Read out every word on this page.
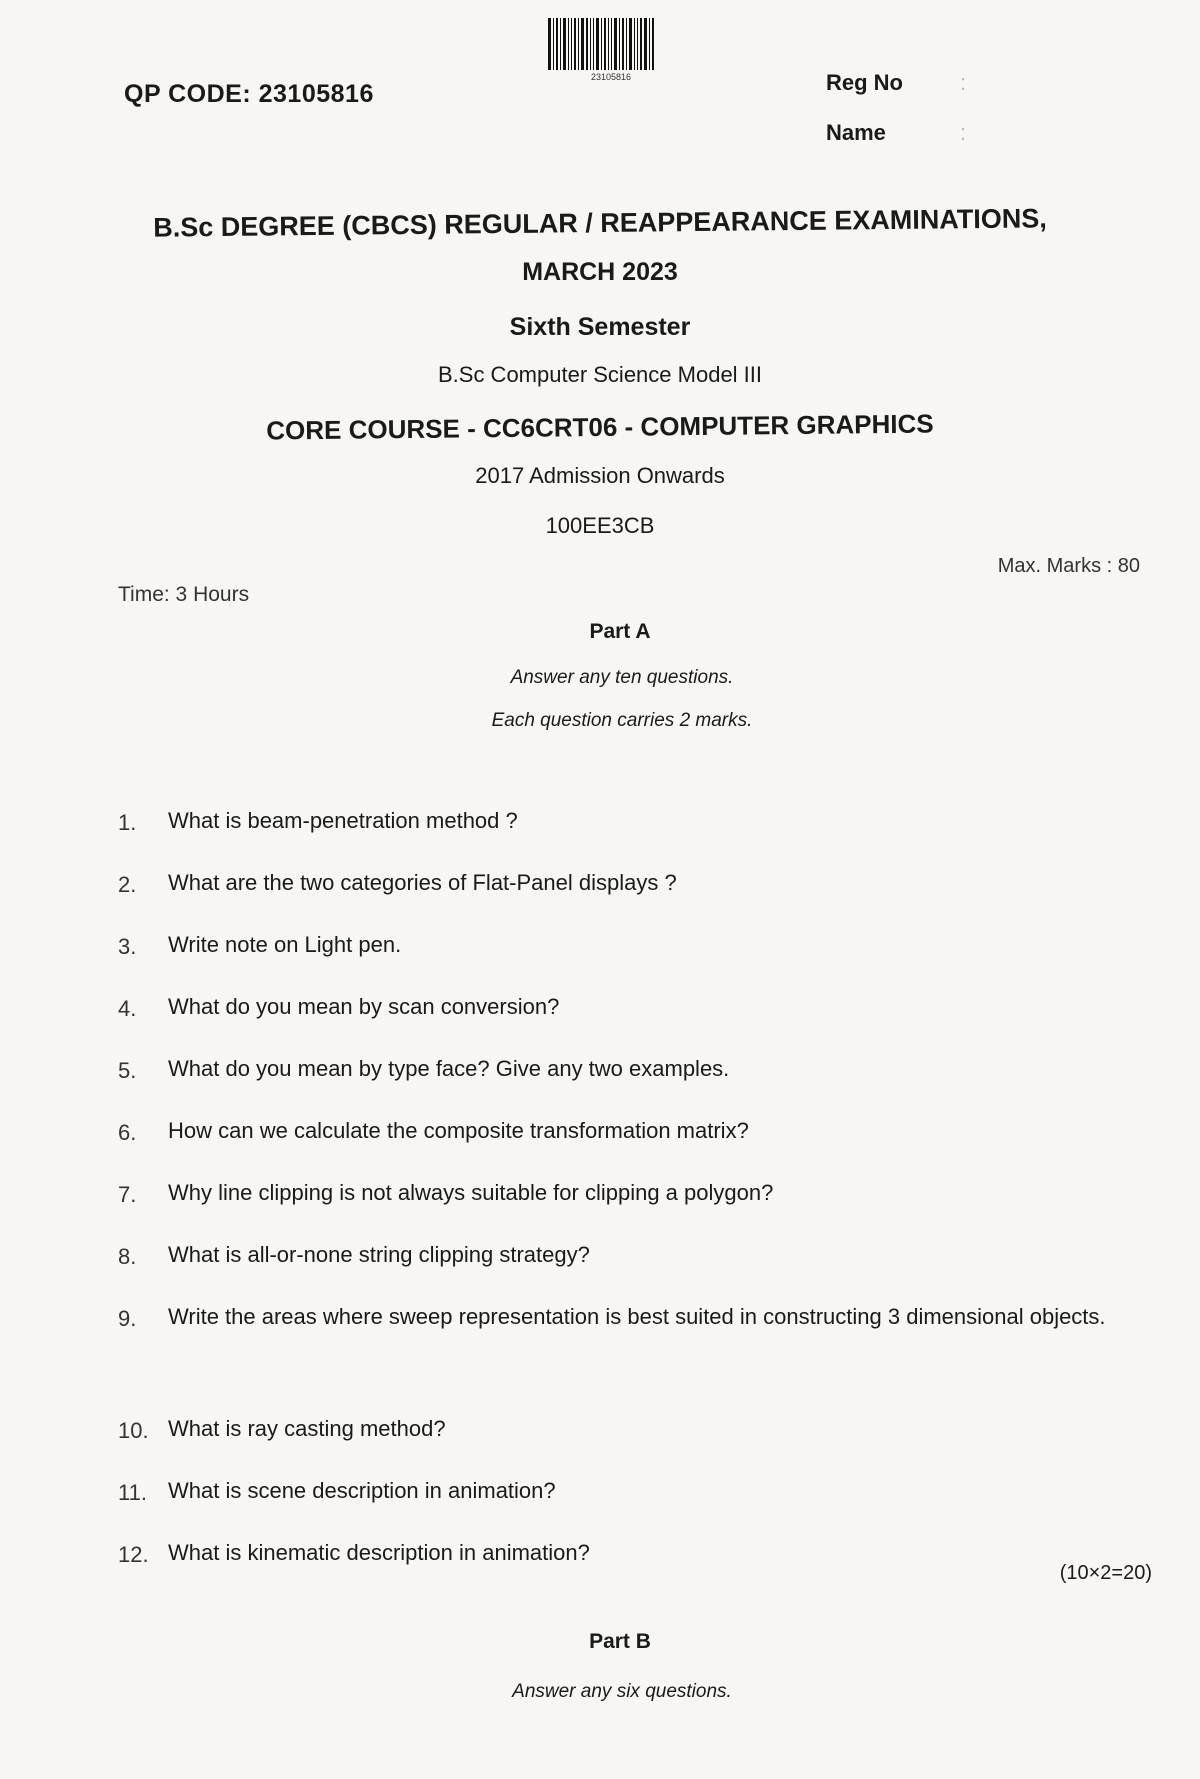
23105816
QP CODE: 23105816	Reg No	:
Name	:
B.Sc DEGREE (CBCS) REGULAR / REAPPEARANCE EXAMINATIONS,
MARCH 2023
Sixth Semester
B.Sc Computer Science Model III
CORE COURSE - CC6CRT06 - COMPUTER GRAPHICS
2017 Admission Onwards
100EE3CB
Max. Marks : 80
Time: 3 Hours
Part A
Answer any ten questions.
Each question carries 2 marks.
1.	What is beam-penetration method ?
2.	What are the two categories of Flat-Panel displays ?
3.	Write note on Light pen.
4.	What do you mean by scan conversion?
5.	What do you mean by type face? Give any two examples.
6.	How can we calculate the composite transformation matrix?
7.	Why line clipping is not always suitable for clipping a polygon?
8.	What is all-or-none string clipping strategy?
9.	Write the areas where sweep representation is best suited in constructing 3 dimensional objects.
10. What is ray casting method?
11. What is scene description in animation?
12. What is kinematic description in animation?
(10×2=20)
Part B
Answer any six questions.
